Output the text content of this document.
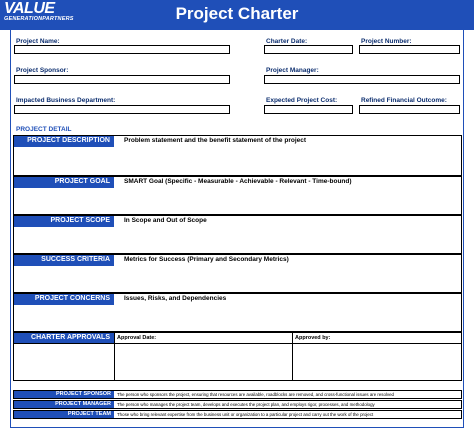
VALUE
GENERATIONPARTNERS	Project Charter
Project Name:	Charter Date:	Project Number:
Project Sponsor:	Project Manager:
Impacted Business Department:	Expected Project Cost:	Refined Financial Outcome:
PROJECT DETAIL
PROJECT DESCRIPTION	Problem statement and the benefit statement of the project
PROJECT GOAL	SMART Goal (Specific - Measurable - Achievable - Relevant - Time-bound)
PROJECT SCOPE	In Scope and Out of Scope
SUCCESS CRITERIA	Metrics for Success (Primary and Secondary Metrics)
PROJECT CONCERNS	Issues, Risks, and Dependencies
CHARTER APPROVALS	Approval Date:	Approved by:
PROJECT SPONSOR	The person who sponsors the project, ensuring that resources are available, roadblocks are removed, and cross-functional issues are resolved
PROJECT MANAGER	The person who manages the project team, develops and executes the project plan, and employs rigor, processes, and methodology
PROJECT TEAM	Those who bring relevant expertise from the business unit or organization to a particular project and carry out the work of the project
